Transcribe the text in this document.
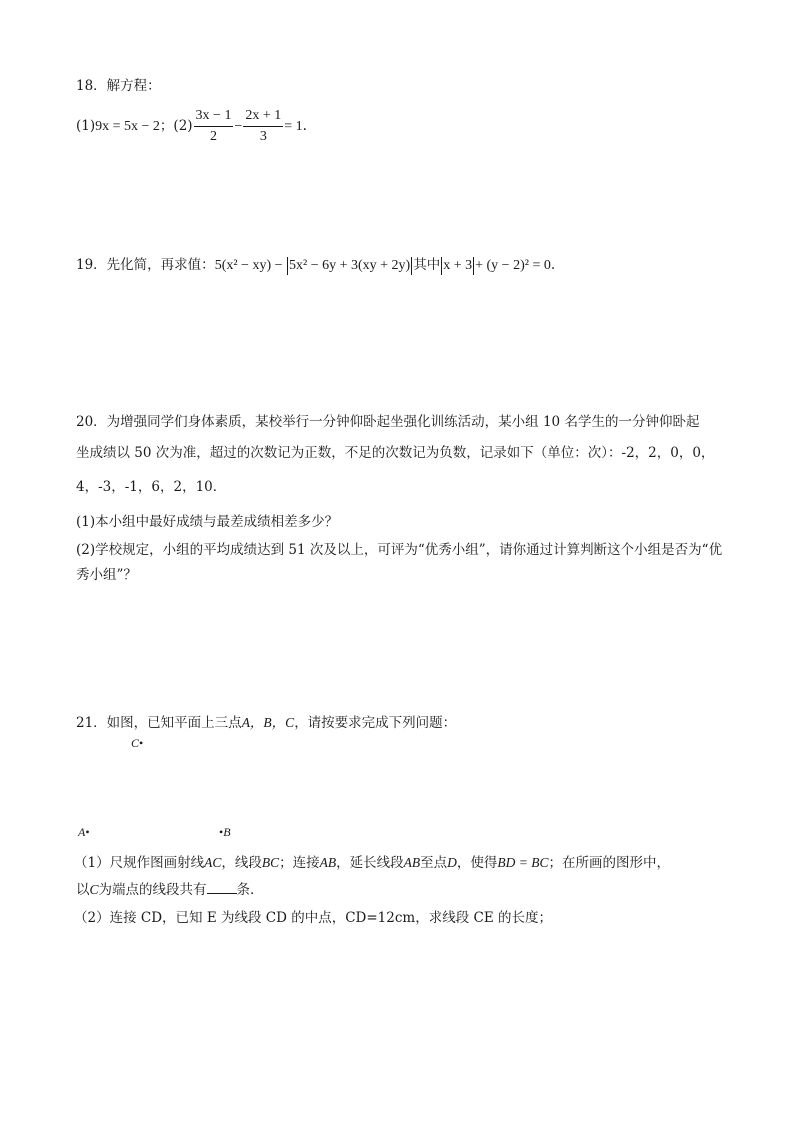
18．解方程：
(1)9x = 5x − 2；$(2) \frac{3x - 1}{2} - \frac{2x + 1}{3} = 1$．
19．先化简，再求值：5(x² − xy) − 5x² − 6y + 3(xy + 2y) 其中 x + 3 + (y − 2)² = 0.
20．为增强同学们身体素质，某校举行一分钟仰卧起坐强化训练活动，某小组 10 名学生的一分钟仰卧起
坐成绩以 50 次为准，超过的次数记为正数，不足的次数记为负数，记录如下（单位：次）：-2，2，0，0，
4，-3，-1，6，2，10．
(1)本小组中最好成绩与最差成绩相差多少？
(2)学校规定，小组的平均成绩达到 51 次及以上，可评为“优秀小组”，请你通过计算判断这个小组是否为“优
秀小组”？
21．如图，已知平面上三点A，B，C，请按要求完成下列问题：
C•
A•	•B
（1）尺规作图画射线AC，线段BC；连接AB，延长线段AB至点D，使得BD = BC；在所画的图形中，
以C为端点的线段共有 条．
（2）连接 CD，已知 E 为线段 CD 的中点，CD=12cm，求线段 CE 的长度；
